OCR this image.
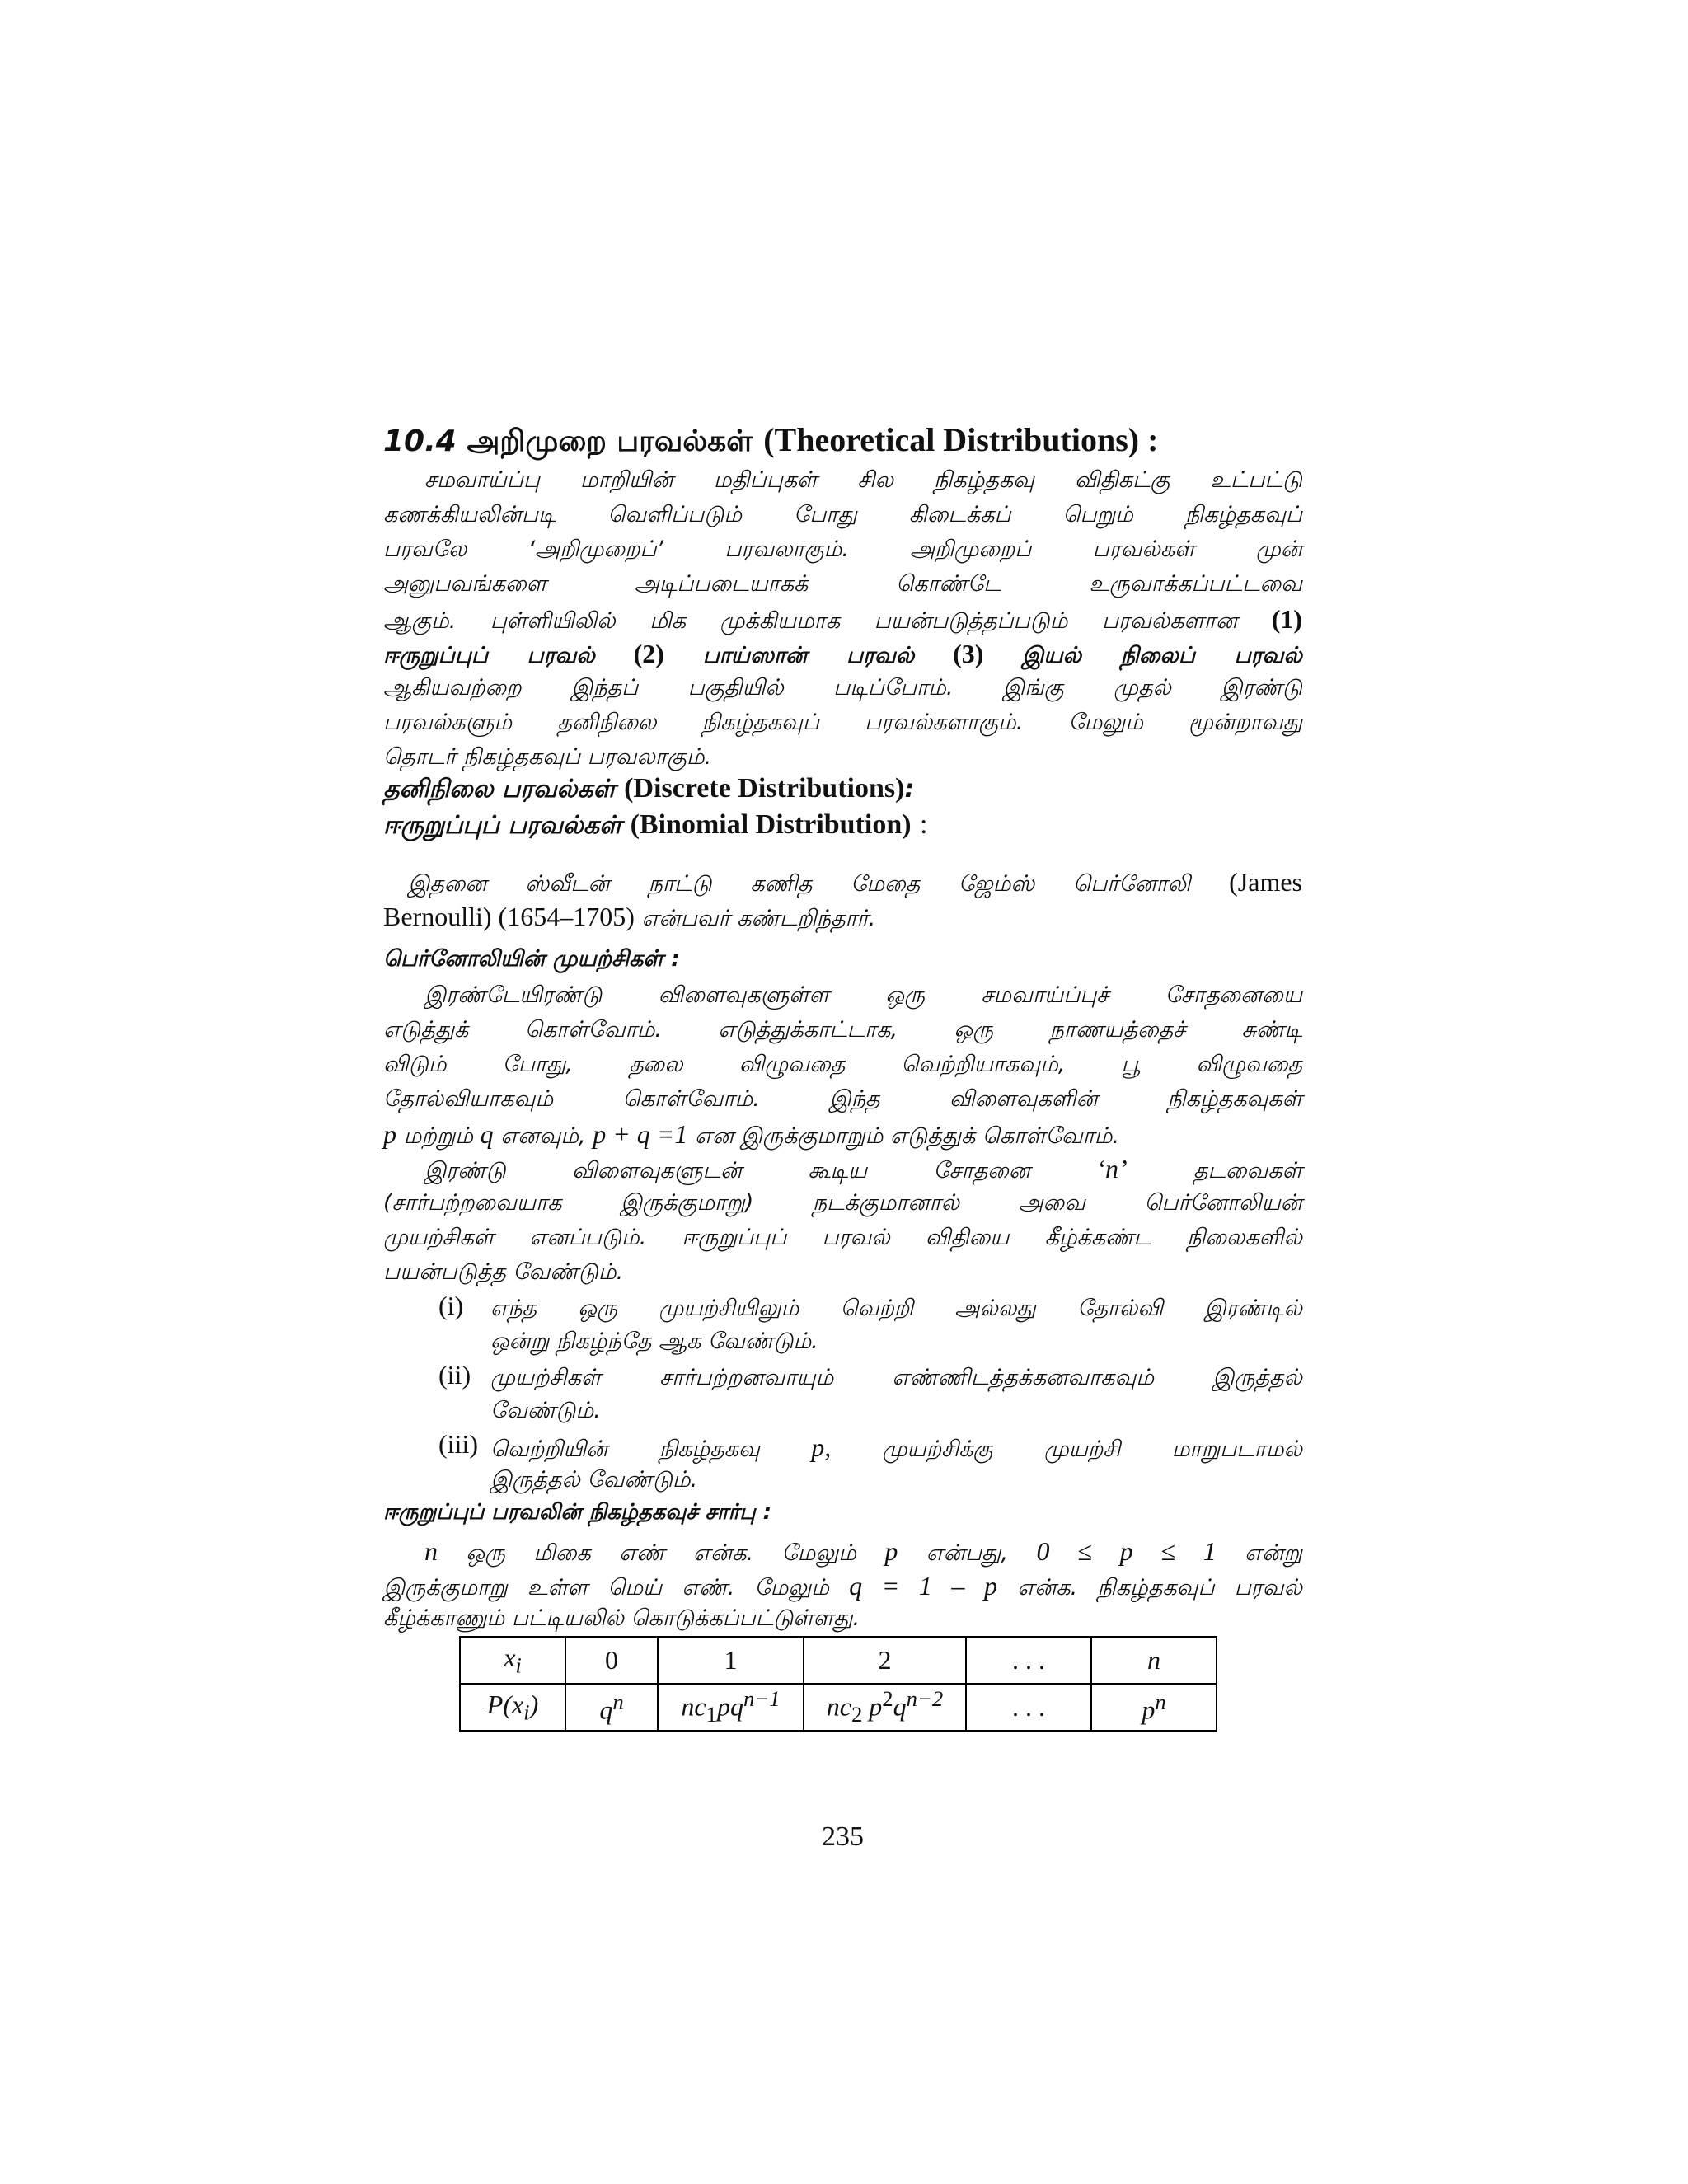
10.4 அறிமுறை பரவல்கள் (Theoretical Distributions) :
சமவாய்ப்பு மாறியின் மதிப்புகள் சில நிகழ்தகவு விதிகட்கு உட்பட்டு
கணக்கியலின்படி வெளிப்படும் போது கிடைக்கப் பெறும் நிகழ்தகவுப்
பரவலே ‘அறிமுறைப்’ பரவலாகும். அறிமுறைப் பரவல்கள் முன்
அனுபவங்களை அடிப்படையாகக் கொண்டே உருவாக்கப்பட்டவை
ஆகும். புள்ளியிலில் மிக முக்கியமாக பயன்படுத்தப்படும் பரவல்களான (1)
ஈருறுப்புப் பரவல் (2) பாய்ஸான் பரவல் (3) இயல் நிலைப் பரவல்
ஆகியவற்றை இந்தப் பகுதியில் படிப்போம். இங்கு முதல் இரண்டு
பரவல்களும் தனிநிலை நிகழ்தகவுப் பரவல்களாகும். மேலும் மூன்றாவது
தொடர் நிகழ்தகவுப் பரவலாகும்.
தனிநிலை பரவல்கள் (Discrete Distributions):
ஈருறுப்புப் பரவல்கள் (Binomial Distribution) :
இதனை ஸ்வீடன் நாட்டு கணித மேதை ஜேம்ஸ் பெர்னோலி (James
Bernoulli) (1654–1705) என்பவர் கண்டறிந்தார்.
பெர்னோலியின் முயற்சிகள் :
இரண்டேயிரண்டு விளைவுகளுள்ள ஒரு சமவாய்ப்புச் சோதனையை
எடுத்துக் கொள்வோம். எடுத்துக்காட்டாக, ஒரு நாணயத்தைச் சுண்டி
விடும் போது, தலை விழுவதை வெற்றியாகவும், பூ விழுவதை
தோல்வியாகவும் கொள்வோம். இந்த விளைவுகளின் நிகழ்தகவுகள்
p மற்றும் q எனவும், p + q =1 என இருக்குமாறும் எடுத்துக் கொள்வோம்.
இரண்டு விளைவுகளுடன் கூடிய சோதனை	‘n’	தடவைகள்
(சார்பற்றவையாக இருக்குமாறு) நடக்குமானால் அவை பெர்னோலியன்
முயற்சிகள் எனப்படும். ஈருறுப்புப் பரவல் விதியை கீழ்க்கண்ட நிலைகளில்
பயன்படுத்த வேண்டும்.
(i) எந்த ஒரு முயற்சியிலும் வெற்றி அல்லது தோல்வி இரண்டில்
ஒன்று நிகழ்ந்தே ஆக வேண்டும்.
(ii) முயற்சிகள் சார்பற்றனவாயும் எண்ணிடத்தக்கனவாகவும் இருத்தல்
வேண்டும்.
(iii) வெற்றியின் நிகழ்தகவு p, முயற்சிக்கு முயற்சி மாறுபடாமல்
இருத்தல் வேண்டும்.
ஈருறுப்புப் பரவலின் நிகழ்தகவுச் சார்பு :
n ஒரு மிகை எண் என்க. மேலும் p என்பது, 0 ≤ p ≤ 1 என்று
இருக்குமாறு உள்ள மெய் எண். மேலும் q = 1 – p என்க. நிகழ்தகவுப் பரவல்
கீழ்க்காணும் பட்டியலில் கொடுக்கப்பட்டுள்ளது.
$x_i$	0	1	2	. . .	n
$P(x_i)$	$q^n$	$nc_1pq^{n-1}$	$nc_2$ $p^2q^{n-2}$	. . .	$p^n$
235
